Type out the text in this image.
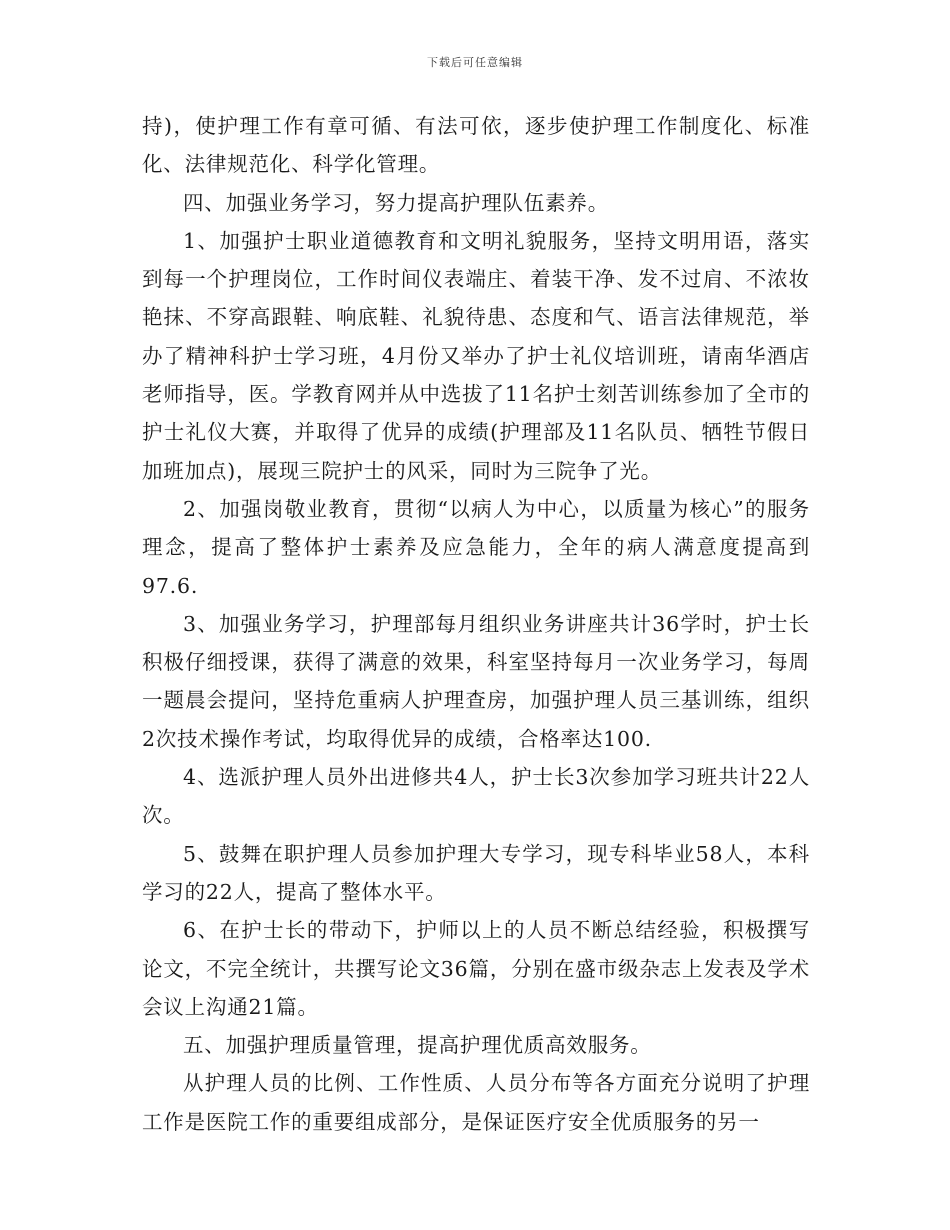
下载后可任意编辑

持)，使护理工作有章可循、有法可依，逐步使护理工作制度化、标准化、法律规范化、科学化管理。

四、加强业务学习，努力提高护理队伍素养。

1、加强护士职业道德教育和文明礼貌服务，坚持文明用语，落实到每一个护理岗位，工作时间仪表端庄、着装干净、发不过肩、不浓妆艳抹、不穿高跟鞋、响底鞋、礼貌待患、态度和气、语言法律规范，举办了精神科护士学习班，4月份又举办了护士礼仪培训班，请南华酒店老师指导，医。学教育网并从中选拔了11名护士刻苦训练参加了全市的护士礼仪大赛，并取得了优异的成绩(护理部及11名队员、牺牲节假日加班加点)，展现三院护士的风采，同时为三院争了光。

2、加强岗敬业教育，贯彻“以病人为中心，以质量为核心”的服务理念，提高了整体护士素养及应急能力，全年的病人满意度提高到97.6.

3、加强业务学习，护理部每月组织业务讲座共计36学时，护士长积极仔细授课，获得了满意的效果，科室坚持每月一次业务学习，每周一题晨会提问，坚持危重病人护理查房，加强护理人员三基训练，组织2次技术操作考试，均取得优异的成绩，合格率达100.

4、选派护理人员外出进修共4人，护士长3次参加学习班共计22人次。

5、鼓舞在职护理人员参加护理大专学习，现专科毕业58人，本科学习的22人，提高了整体水平。

6、在护士长的带动下，护师以上的人员不断总结经验，积极撰写论文，不完全统计，共撰写论文36篇，分别在盛市级杂志上发表及学术会议上沟通21篇。

五、加强护理质量管理，提高护理优质高效服务。

从护理人员的比例、工作性质、人员分布等各方面充分说明了护理工作是医院工作的重要组成部分，是保证医疗安全优质服务的另一
